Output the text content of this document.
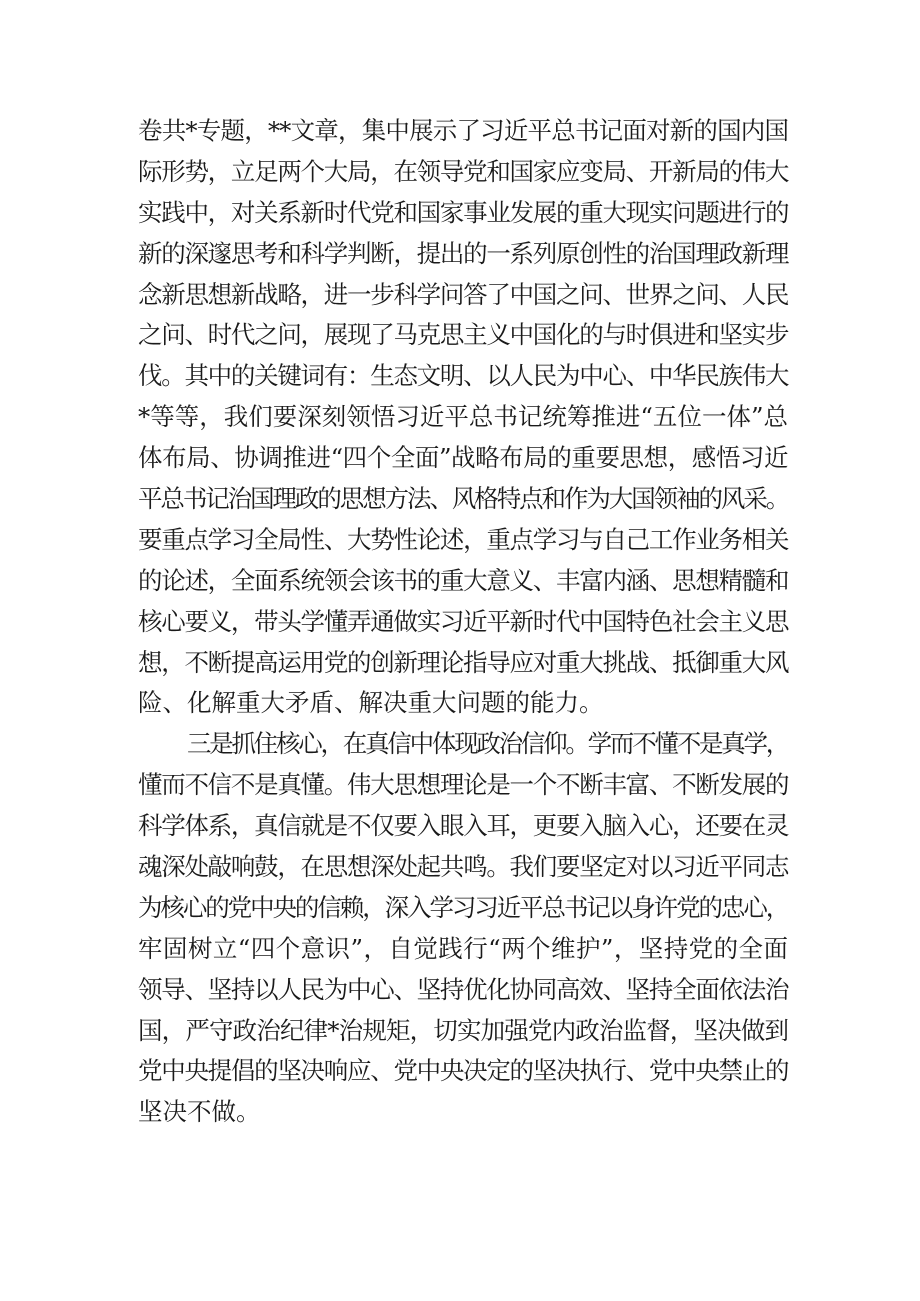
卷共*专题，**文章，集中展示了习近平总书记面对新的国内国
际形势，立足两个大局，在领导党和国家应变局、开新局的伟大
实践中，对关系新时代党和国家事业发展的重大现实问题进行的
新的深邃思考和科学判断，提出的一系列原创性的治国理政新理
念新思想新战略，进一步科学问答了中国之问、世界之问、人民
之问、时代之问，展现了马克思主义中国化的与时俱进和坚实步
伐。其中的关键词有：生态文明、以人民为中心、中华民族伟大
*等等，我们要深刻领悟习近平总书记统筹推进“五位一体”总
体布局、协调推进“四个全面”战略布局的重要思想，感悟习近
平总书记治国理政的思想方法、风格特点和作为大国领袖的风采。
要重点学习全局性、大势性论述，重点学习与自己工作业务相关
的论述，全面系统领会该书的重大意义、丰富内涵、思想精髓和
核心要义，带头学懂弄通做实习近平新时代中国特色社会主义思
想，不断提高运用党的创新理论指导应对重大挑战、抵御重大风
险、化解重大矛盾、解决重大问题的能力。
三是抓住核心，在真信中体现政治信仰。学而不懂不是真学，
懂而不信不是真懂。伟大思想理论是一个不断丰富、不断发展的
科学体系，真信就是不仅要入眼入耳，更要入脑入心，还要在灵
魂深处敲响鼓，在思想深处起共鸣。我们要坚定对以习近平同志
为核心的党中央的信赖，深入学习习近平总书记以身许党的忠心，
牢固树立“四个意识”，自觉践行“两个维护”，坚持党的全面
领导、坚持以人民为中心、坚持优化协同高效、坚持全面依法治
国，严守政治纪律*治规矩，切实加强党内政治监督，坚决做到
党中央提倡的坚决响应、党中央决定的坚决执行、党中央禁止的
坚决不做。
